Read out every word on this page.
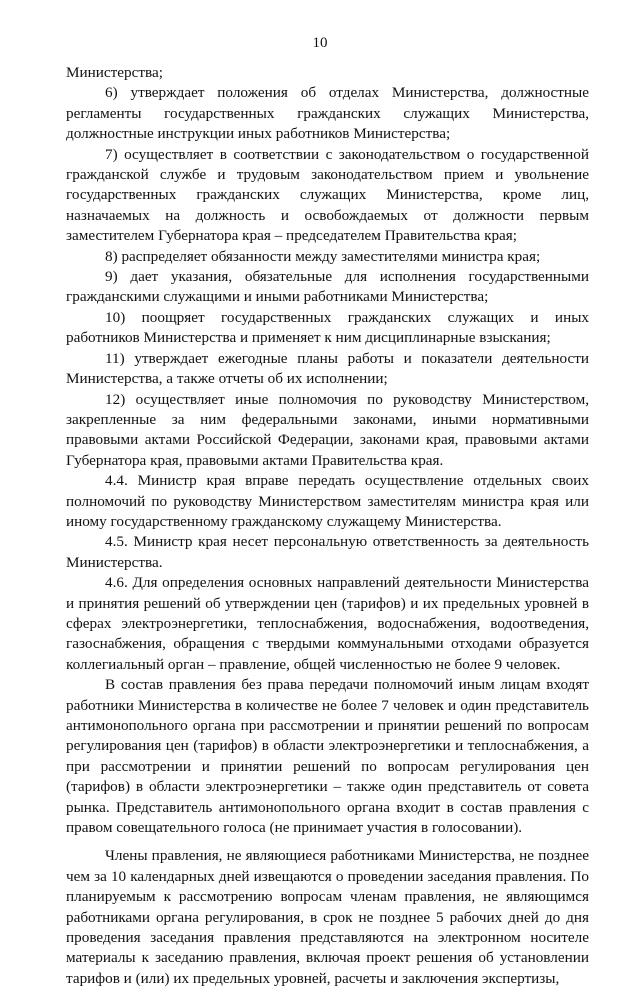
10

Министерства;

6) утверждает положения об отделах Министерства, должностные регламенты государственных гражданских служащих Министерства, должностные инструкции иных работников Министерства;

7) осуществляет в соответствии с законодательством о государственной гражданской службе и трудовым законодательством прием и увольнение государственных гражданских служащих Министерства, кроме лиц, назначаемых на должность и освобождаемых от должности первым заместителем Губернатора края – председателем Правительства края;

8) распределяет обязанности между заместителями министра края;

9) дает указания, обязательные для исполнения государственными гражданскими служащими и иными работниками Министерства;

10) поощряет государственных гражданских служащих и иных работников Министерства и применяет к ним дисциплинарные взыскания;

11) утверждает ежегодные планы работы и показатели деятельности Министерства, а также отчеты об их исполнении;

12) осуществляет иные полномочия по руководству Министерством, закрепленные за ним федеральными законами, иными нормативными правовыми актами Российской Федерации, законами края, правовыми актами Губернатора края, правовыми актами Правительства края.

4.4. Министр края вправе передать осуществление отдельных своих полномочий по руководству Министерством заместителям министра края или иному государственному гражданскому служащему Министерства.

4.5. Министр края несет персональную ответственность за деятельность Министерства.

4.6. Для определения основных направлений деятельности Министерства и принятия решений об утверждении цен (тарифов) и их предельных уровней в сферах электроэнергетики, теплоснабжения, водоснабжения, водоотведения, газоснабжения, обращения с твердыми коммунальными отходами образуется коллегиальный орган – правление, общей численностью не более 9 человек.

В состав правления без права передачи полномочий иным лицам входят работники Министерства в количестве не более 7 человек и один представитель антимонопольного органа при рассмотрении и принятии решений по вопросам регулирования цен (тарифов) в области электроэнергетики и теплоснабжения, а при рассмотрении и принятии решений по вопросам регулирования цен (тарифов) в области электроэнергетики – также один представитель от совета рынка. Представитель антимонопольного органа входит в состав правления с правом совещательного голоса (не принимает участия в голосовании).

Члены правления, не являющиеся работниками Министерства, не позднее чем за 10 календарных дней извещаются о проведении заседания правления. По планируемым к рассмотрению вопросам членам правления, не являющимся работниками органа регулирования, в срок не позднее 5 рабочих дней до дня проведения заседания правления представляются на электронном носителе материалы к заседанию правления, включая проект решения об установлении тарифов и (или) их предельных уровней, расчеты и заключения экспертизы,
